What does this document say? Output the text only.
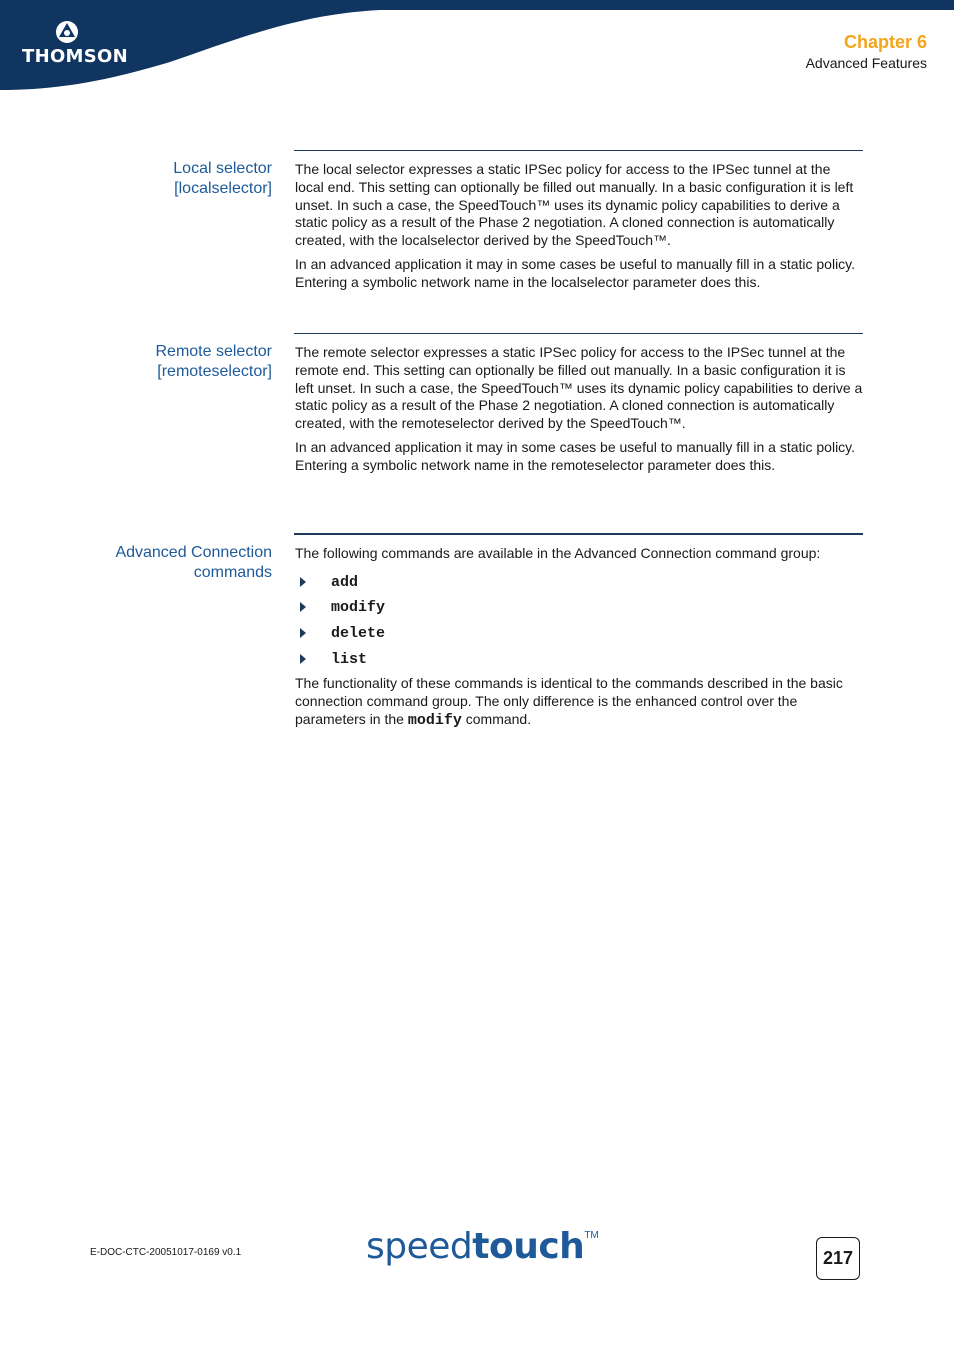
THOMSON
Chapter 6
Advanced Features
Local selector
[localselector]

The local selector expresses a static IPSec policy for access to the IPSec tunnel at the local end. This setting can optionally be filled out manually. In a basic configuration it is left unset. In such a case, the SpeedTouch™ uses its dynamic policy capabilities to derive a static policy as a result of the Phase 2 negotiation. A cloned connection is automatically created, with the localselector derived by the SpeedTouch™.

In an advanced application it may in some cases be useful to manually fill in a static policy. Entering a symbolic network name in the localselector parameter does this.

Remote selector
[remoteselector]

The remote selector expresses a static IPSec policy for access to the IPSec tunnel at the remote end. This setting can optionally be filled out manually. In a basic configuration it is left unset. In such a case, the SpeedTouch™ uses its dynamic policy capabilities to derive a static policy as a result of the Phase 2 negotiation. A cloned connection is automatically created, with the remoteselector derived by the SpeedTouch™.

In an advanced application it may in some cases be useful to manually fill in a static policy. Entering a symbolic network name in the remoteselector parameter does this.

Advanced Connection
commands

The following commands are available in the Advanced Connection command group:

add
modify
delete
list

The functionality of these commands is identical to the commands described in the basic connection command group. The only difference is the enhanced control over the parameters in the modify command.

E-DOC-CTC-20051017-0169 v0.1	speedtouch™
217
